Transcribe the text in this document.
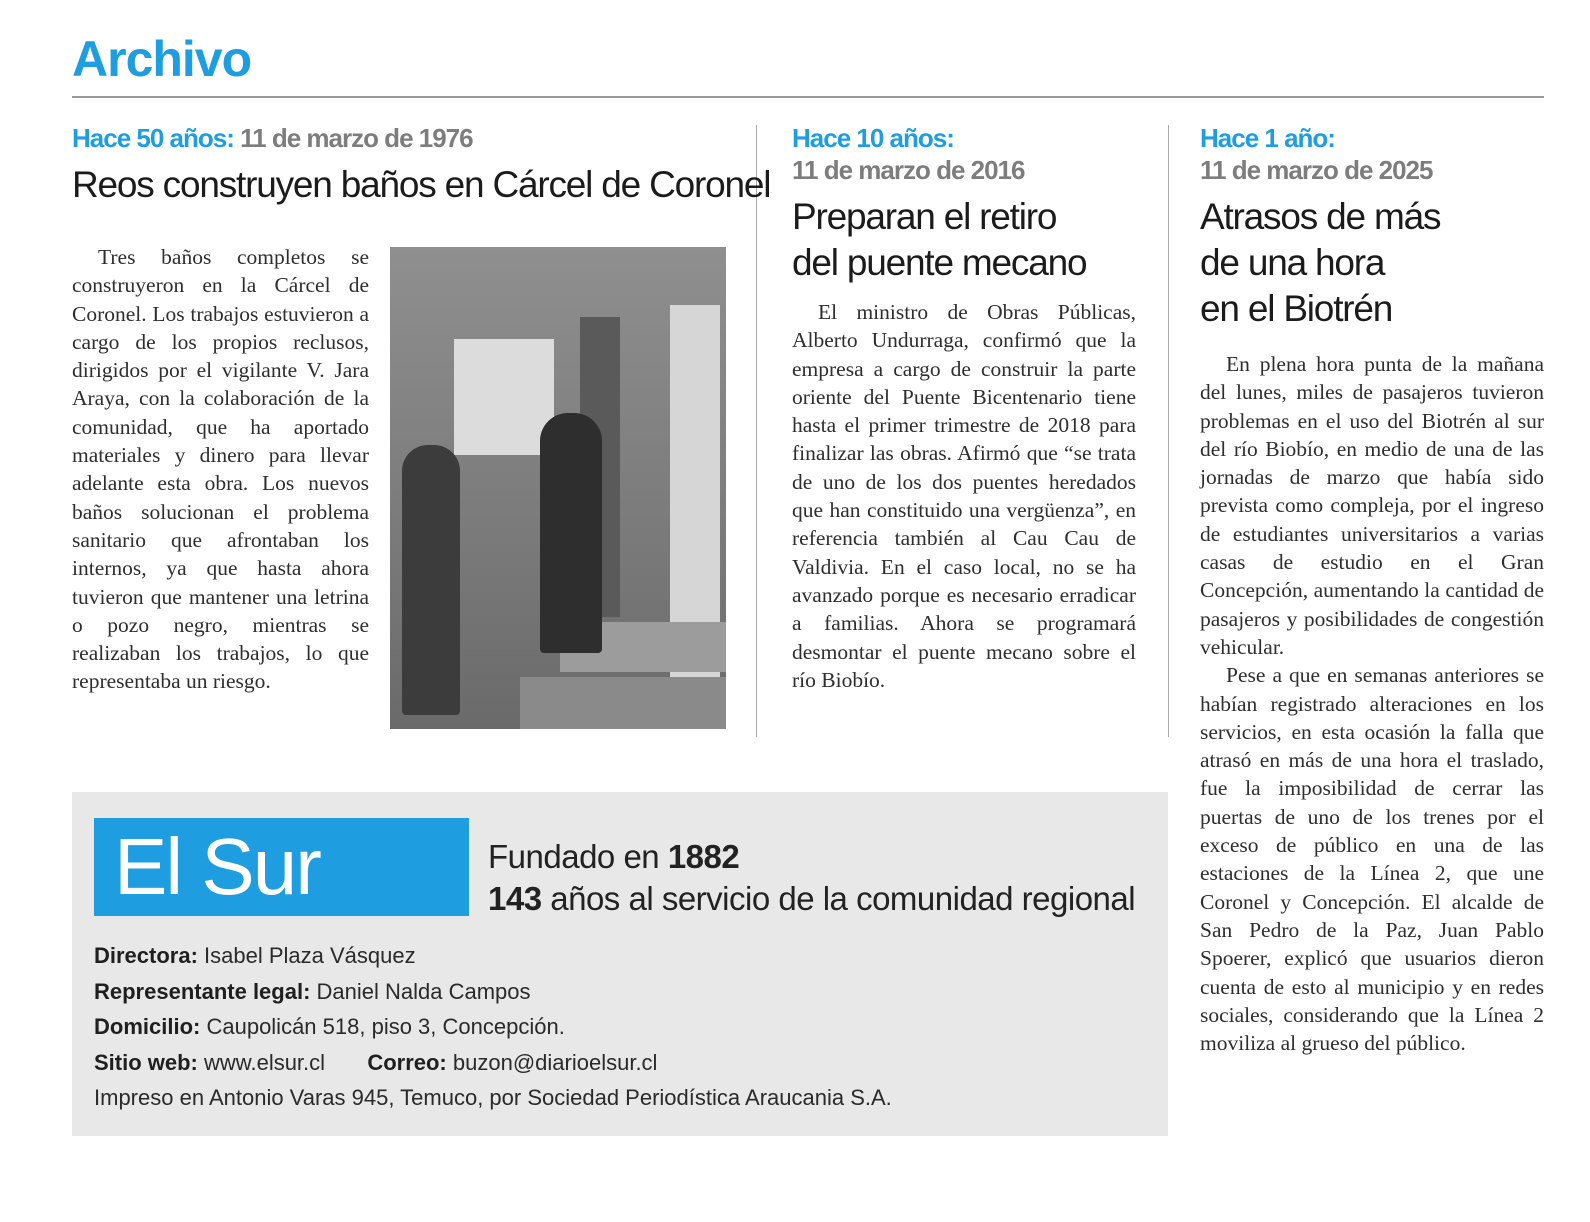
Archivo
Hace 50 años: 11 de marzo de 1976
Reos construyen baños en Cárcel de Coronel

Tres baños completos se construyeron en la Cárcel de Coronel. Los trabajos estuvieron a cargo de los propios reclusos, dirigidos por el vigilante V. Jara Araya, con la colaboración de la comunidad, que ha aportado materiales y dinero para llevar adelante esta obra. Los nuevos baños solucionan el problema sanitario que afrontaban los internos, ya que hasta ahora tuvieron que mantener una letrina o pozo negro, mientras se realizaban los trabajos, lo que representaba un riesgo.

Hace 10 años:
11 de marzo de 2016
Preparan el retiro
del puente mecano

El ministro de Obras Públicas, Alberto Undurraga, confirmó que la empresa a cargo de construir la parte oriente del Puente Bicentenario tiene hasta el primer trimestre de 2018 para finalizar las obras. Afirmó que “se trata de uno de los dos puentes heredados que han constituido una vergüenza”, en referencia también al Cau Cau de Valdivia. En el caso local, no se ha avanzado porque es necesario erradicar a familias. Ahora se programará desmontar el puente mecano sobre el río Biobío.

Hace 1 año:
11 de marzo de 2025
Atrasos de más
de una hora
en el Biotrén

En plena hora punta de la mañana del lunes, miles de pasajeros tuvieron problemas en el uso del Biotrén al sur del río Biobío, en medio de una de las jornadas de marzo que había sido prevista como compleja, por el ingreso de estudiantes universitarios a varias casas de estudio en el Gran Concepción, aumentando la cantidad de pasajeros y posibilidades de congestión vehicular.

Pese a que en semanas anteriores se habían registrado alteraciones en los servicios, en esta ocasión la falla que atrasó en más de una hora el traslado, fue la imposibilidad de cerrar las puertas de uno de los trenes por el exceso de público en una de las estaciones de la Línea 2, que une Coronel y Concepción. El alcalde de San Pedro de la Paz, Juan Pablo Spoerer, explicó que usuarios dieron cuenta de esto al municipio y en redes sociales, considerando que la Línea 2 moviliza al grueso del público.

El Sur	Fundado en 1882
143 años al servicio de la comunidad regional
Directora: Isabel Plaza Vásquez
Representante legal: Daniel Nalda Campos
Domicilio: Caupolicán 518, piso 3, Concepción.
Sitio web: www.elsur.cl Correo: buzon@diarioelsur.cl
Impreso en Antonio Varas 945, Temuco, por Sociedad Periodística Araucania S.A.
